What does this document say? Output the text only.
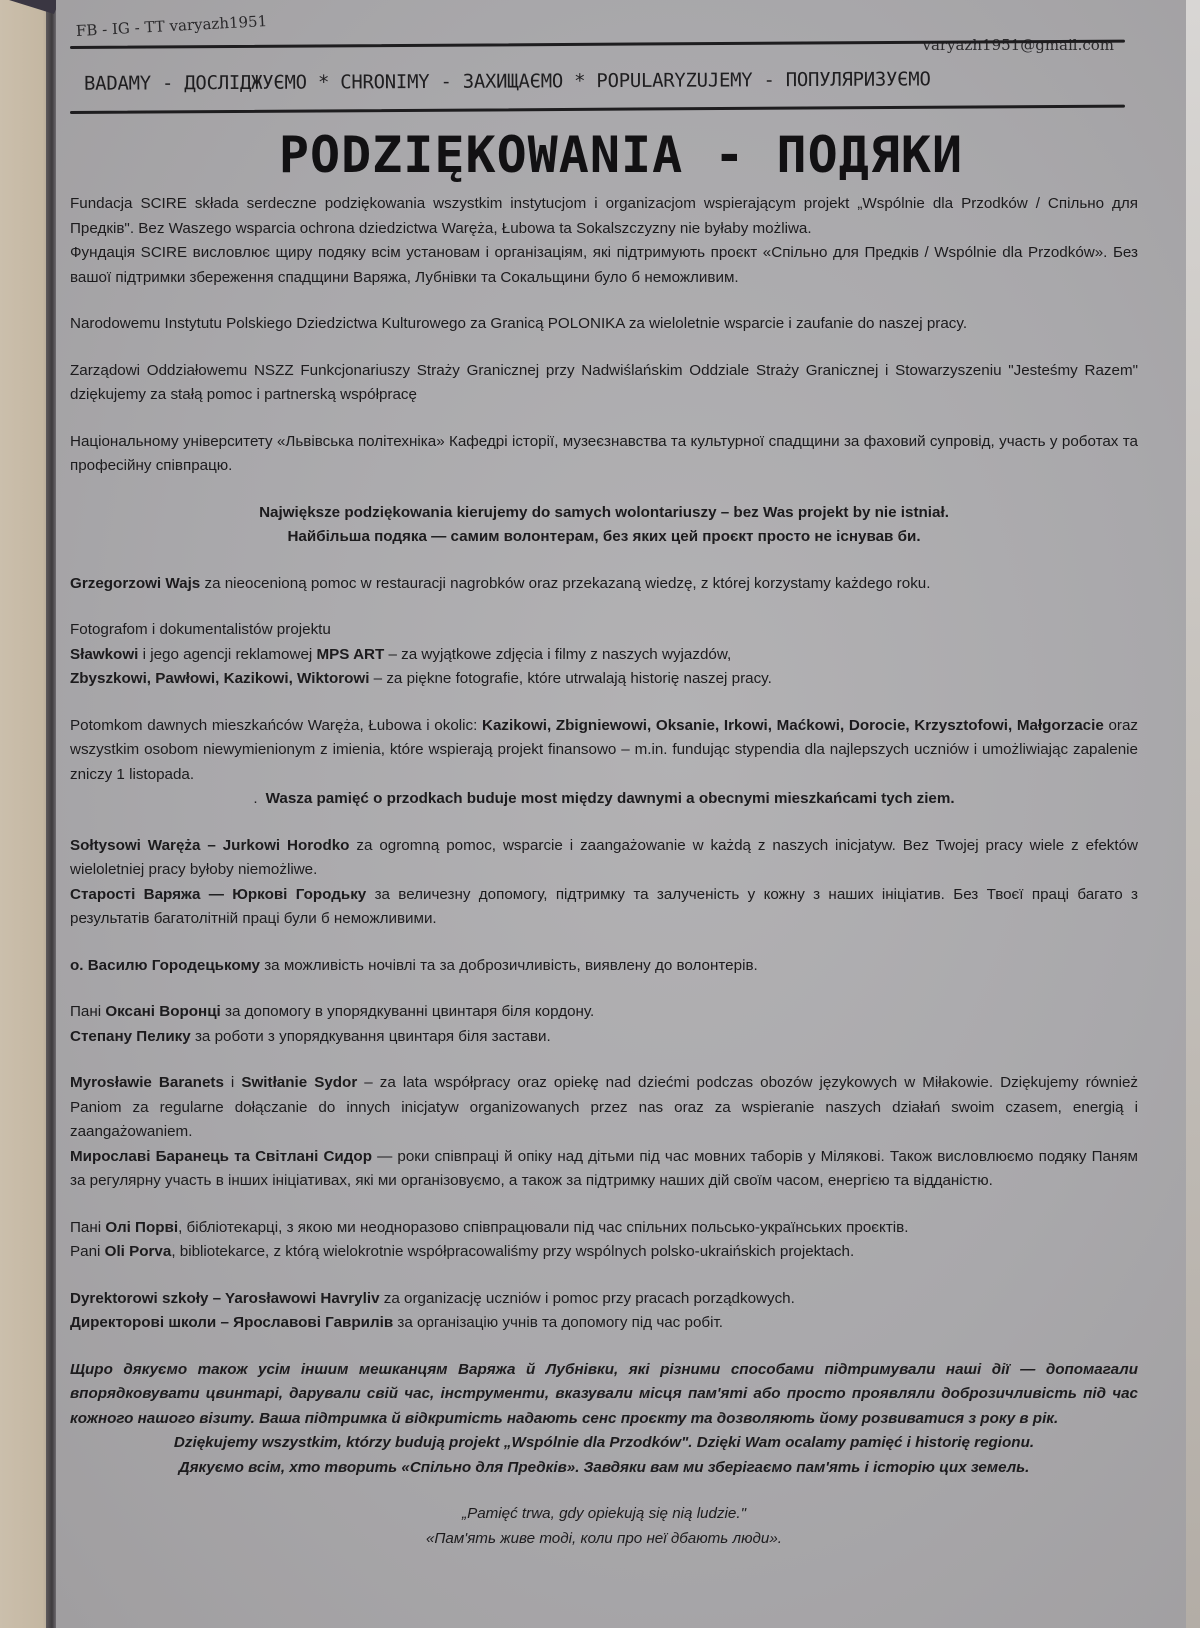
FB - IG - TT varyazh1951
varyazh1951@gmail.com
BADAMY - ДОСЛІДЖУЄМО * CHRONIMY - ЗАХИЩАЄМО * POPULARYZUJEMY - ПОПУЛЯРИЗУЄМО
PODZIĘKOWANIA - ПОДЯКИ

Fundacja SCIRE składa serdeczne podziękowania wszystkim instytucjom i organizacjom wspierającym projekt „Wspólnie dla Przodków / Спільно для Предків". Bez Waszego wsparcia ochrona dziedzictwa Waręża, Łubowa ta Sokalszczyzny nie byłaby możliwa.

Фундація SCIRE висловлює щиру подяку всім установам і організаціям, які підтримують проєкт «Спільно для Предків / Wspólnie dla Przodków». Без вашої підтримки збереження спадщини Варяжа, Лубнівки та Сокальщини було б неможливим.

Narodowemu Instytutu Polskiego Dziedzictwa Kulturowego za Granicą POLONIKA za wieloletnie wsparcie i zaufanie do naszej pracy.

Zarządowi Oddziałowemu NSZZ Funkcjonariuszy Straży Granicznej przy Nadwiślańskim Oddziale Straży Granicznej i Stowarzyszeniu "Jesteśmy Razem" dziękujemy za stałą pomoc i partnerską współpracę

Національному університету «Львівська політехніка» Кафедрі історії, музеєзнавства та культурної спадщини за фаховий супровід, участь у роботах та професійну співпрацю.

Największe podziękowania kierujemy do samych wolontariuszy – bez Was projekt by nie istniał.

Найбільша подяка — самим волонтерам, без яких цей проєкт просто не існував би.

Grzegorzowi Wajs za nieocenioną pomoc w restauracji nagrobków oraz przekazaną wiedzę, z której korzystamy każdego roku.

Fotografom i dokumentalistów projektu

Sławkowi i jego agencji reklamowej MPS ART – za wyjątkowe zdjęcia i filmy z naszych wyjazdów,

Zbyszkowi, Pawłowi, Kazikowi, Wiktorowi – za piękne fotografie, które utrwalają historię naszej pracy.

Potomkom dawnych mieszkańców Waręża, Łubowa i okolic: Kazikowi, Zbigniewowi, Oksanie, Irkowi, Maćkowi, Dorocie, Krzysztofowi, Małgorzacie oraz wszystkim osobom niewymienionym z imienia, które wspierają projekt finansowo – m.in. fundując stypendia dla najlepszych uczniów i umożliwiając zapalenie zniczy 1 listopada.

. Wasza pamięć o przodkach buduje most między dawnymi a obecnymi mieszkańcami tych ziem.

Sołtysowi Waręża – Jurkowi Horodko za ogromną pomoc, wsparcie i zaangażowanie w każdą z naszych inicjatyw. Bez Twojej pracy wiele z efektów wieloletniej pracy byłoby niemożliwe.

Старості Варяжа — Юркові Городьку за величезну допомогу, підтримку та залученість у кожну з наших ініціатив. Без Твоєї праці багато з результатів багатолітній праці були б неможливими.

о. Василю Городецькому за можливість ночівлі та за доброзичливість, виявлену до волонтерів.

Пані Оксані Воронці за допомогу в упорядкуванні цвинтаря біля кордону.

Степану Пелику за роботи з упорядкування цвинтаря біля застави.

Myrosławie Baranets i Switłanie Sydor – za lata współpracy oraz opiekę nad dziećmi podczas obozów językowych w Miłakowie. Dziękujemy również Paniom za regularne dołączanie do innych inicjatyw organizowanych przez nas oraz za wspieranie naszych działań swoim czasem, energią i zaangażowaniem.

Мирославі Баранець та Світлані Сидор — роки співпраці й опіку над дітьми під час мовних таборів у Мілякові. Також висловлюємо подяку Паням за регулярну участь в інших ініціативах, які ми організовуємо, а також за підтримку наших дій своїм часом, енергією та відданістю.

Пані Олі Порві, бібліотекарці, з якою ми неодноразово співпрацювали під час спільних польсько-українських проєктів.

Pani Oli Porva, bibliotekarce, z którą wielokrotnie współpracowaliśmy przy wspólnych polsko-ukraińskich projektach.

Dyrektorowi szkoły – Yarosławowi Havryliv za organizację uczniów i pomoc przy pracach porządkowych.

Директорові школи – Ярославові Гаврилів за організацію учнів та допомогу під час робіт.

Щиро дякуємо також усім іншим мешканцям Варяжа й Лубнівки, які різними способами підтримували наші дії — допомагали впорядковувати цвинтарі, дарували свій час, інструменти, вказували місця пам'яті або просто проявляли доброзичливість під час кожного нашого візиту. Ваша підтримка й відкритість надають сенс проєкту та дозволяють йому розвиватися з року в рік.

Dziękujemy wszystkim, którzy budują projekt „Wspólnie dla Przodków". Dzięki Wam ocalamy pamięć i historię regionu.

Дякуємо всім, хто творить «Спільно для Предків». Завдяки вам ми зберігаємо пам'ять і історію цих земель.

„Pamięć trwa, gdy opiekują się nią ludzie."

«Пам'ять живе тоді, коли про неї дбають люди».
